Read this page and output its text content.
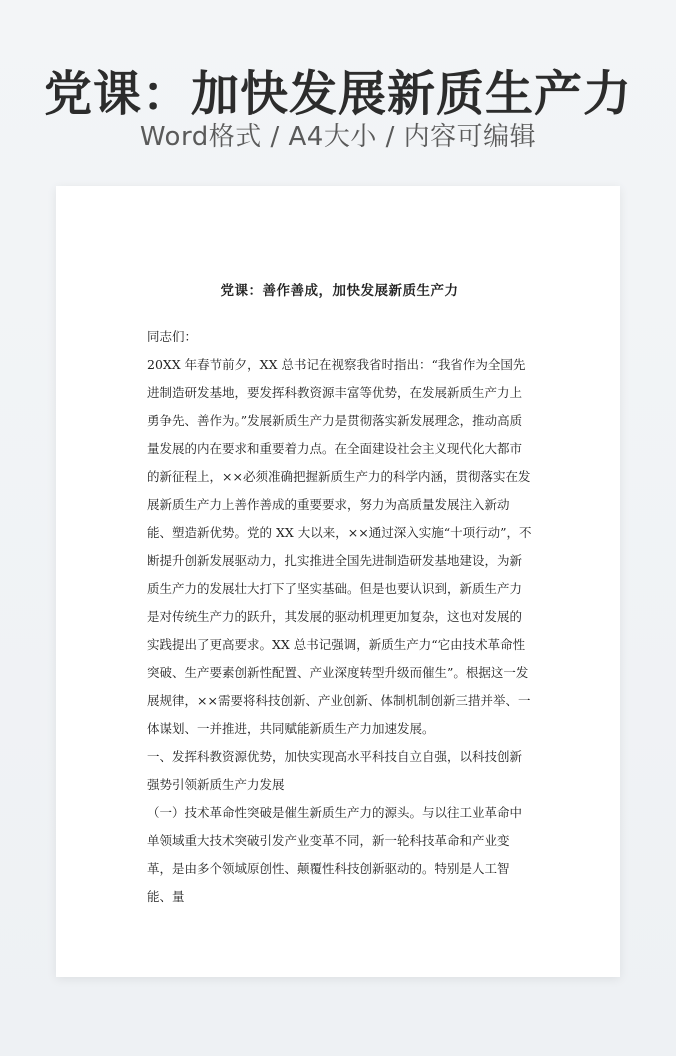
党课：加快发展新质生产力
Word格式 / A4大小 / 内容可编辑
党课：善作善成，加快发展新质生产力

同志们：

20XX 年春节前夕，XX 总书记在视察我省时指出：“我省作为全国先进制造研发基地，要发挥科教资源丰富等优势，在发展新质生产力上勇争先、善作为。”发展新质生产力是贯彻落实新发展理念，推动高质量发展的内在要求和重要着力点。在全面建设社会主义现代化大都市的新征程上，××必须准确把握新质生产力的科学内涵，贯彻落实在发展新质生产力上善作善成的重要要求，努力为高质量发展注入新动能、塑造新优势。党的 XX 大以来，××通过深入实施“十项行动”，不断提升创新发展驱动力，扎实推进全国先进制造研发基地建设，为新质生产力的发展壮大打下了坚实基础。但是也要认识到，新质生产力是对传统生产力的跃升，其发展的驱动机理更加复杂，这也对发展的实践提出了更高要求。XX 总书记强调，新质生产力“它由技术革命性突破、生产要素创新性配置、产业深度转型升级而催生”。根据这一发展规律，××需要将科技创新、产业创新、体制机制创新三措并举、一体谋划、一并推进，共同赋能新质生产力加速发展。

一、发挥科教资源优势，加快实现高水平科技自立自强，以科技创新强势引领新质生产力发展

（一）技术革命性突破是催生新质生产力的源头。与以往工业革命中单领域重大技术突破引发产业变革不同，新一轮科技革命和产业变革，是由多个领域原创性、颠覆性科技创新驱动的。特别是人工智能、量
